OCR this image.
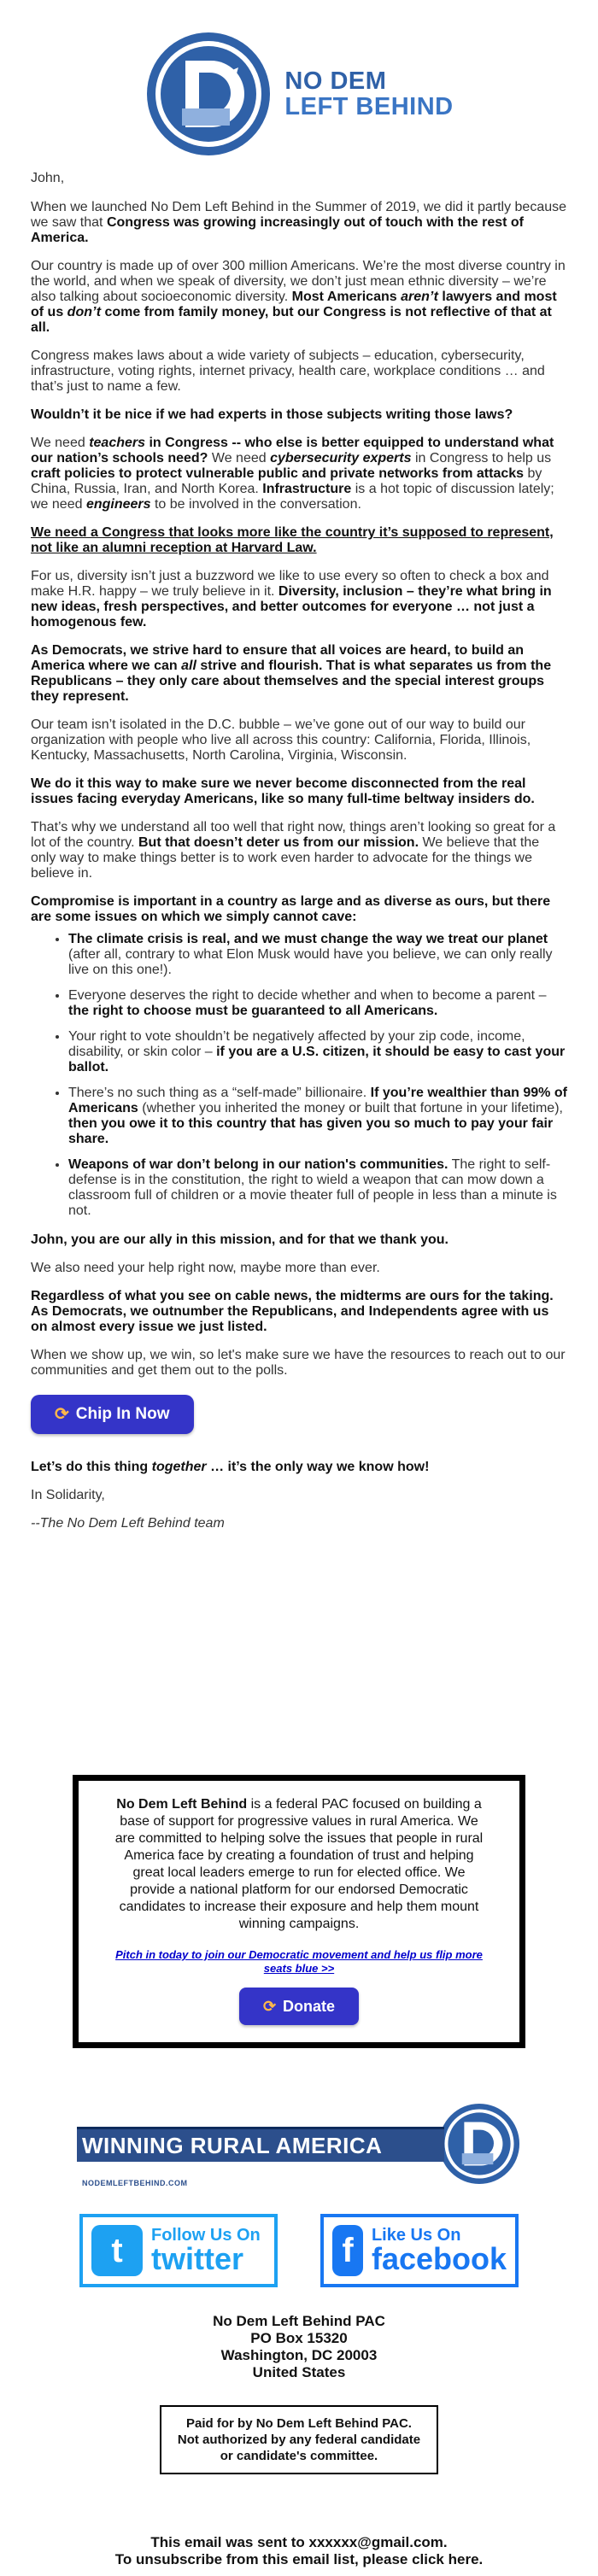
NO DEM
LEFT BEHIND

John,

When we launched No Dem Left Behind in the Summer of 2019, we did it partly because we saw that Congress was growing increasingly out of touch with the rest of America.

Our country is made up of over 300 million Americans. We’re the most diverse country in the world, and when we speak of diversity, we don’t just mean ethnic diversity – we’re also talking about socioeconomic diversity. Most Americans aren’t lawyers and most of us don’t come from family money, but our Congress is not reflective of that at all.

Congress makes laws about a wide variety of subjects – education, cybersecurity, infrastructure, voting rights, internet privacy, health care, workplace conditions … and that’s just to name a few.

Wouldn’t it be nice if we had experts in those subjects writing those laws?

We need teachers in Congress -- who else is better equipped to understand what our nation’s schools need? We need cybersecurity experts in Congress to help us craft policies to protect vulnerable public and private networks from attacks by China, Russia, Iran, and North Korea. Infrastructure is a hot topic of discussion lately; we need engineers to be involved in the conversation.

We need a Congress that looks more like the country it’s supposed to represent, not like an alumni reception at Harvard Law.

For us, diversity isn’t just a buzzword we like to use every so often to check a box and make H.R. happy – we truly believe in it. Diversity, inclusion – they’re what bring in new ideas, fresh perspectives, and better outcomes for everyone … not just a homogenous few.

As Democrats, we strive hard to ensure that all voices are heard, to build an America where we can all strive and flourish. That is what separates us from the Republicans – they only care about themselves and the special interest groups they represent.

Our team isn’t isolated in the D.C. bubble – we’ve gone out of our way to build our organization with people who live all across this country: California, Florida, Illinois, Kentucky, Massachusetts, North Carolina, Virginia, Wisconsin.

We do it this way to make sure we never become disconnected from the real issues facing everyday Americans, like so many full-time beltway insiders do.

That’s why we understand all too well that right now, things aren’t looking so great for a lot of the country. But that doesn’t deter us from our mission. We believe that the only way to make things better is to work even harder to advocate for the things we believe in.

Compromise is important in a country as large and as diverse as ours, but there are some issues on which we simply cannot cave:

• The climate crisis is real, and we must change the way we treat our planet (after all, contrary to what Elon Musk would have you believe, we can only really live on this one!).
• Everyone deserves the right to decide whether and when to become a parent – the right to choose must be guaranteed to all Americans.
• Your right to vote shouldn’t be negatively affected by your zip code, income, disability, or skin color – if you are a U.S. citizen, it should be easy to cast your ballot.
• There’s no such thing as a “self-made” billionaire. If you’re wealthier than 99% of Americans (whether you inherited the money or built that fortune in your lifetime), then you owe it to this country that has given you so much to pay your fair share.
• Weapons of war don’t belong in our nation's communities. The right to self-defense is in the constitution, the right to wield a weapon that can mow down a classroom full of children or a movie theater full of people in less than a minute is not.

John, you are our ally in this mission, and for that we thank you.

We also need your help right now, maybe more than ever.

Regardless of what you see on cable news, the midterms are ours for the taking. As Democrats, we outnumber the Republicans, and Independents agree with us on almost every issue we just listed.

When we show up, we win, so let's make sure we have the resources to reach out to our communities and get them out to the polls.

⟳ Chip In Now

Let’s do this thing together … it’s the only way we know how!

In Solidarity,

--The No Dem Left Behind team

No Dem Left Behind is a federal PAC focused on building a base of support for progressive values in rural America. We are committed to helping solve the issues that people in rural America face by creating a foundation of trust and helping great local leaders emerge to run for elected office. We provide a national platform for our endorsed Democratic candidates to increase their exposure and help them mount winning campaigns.
Pitch in today to join our Democratic movement and help us flip more seats blue >>
⟳ Donate
WINNING RURAL AMERICA
NODEMLEFTBEHIND.COM
t	Follow Us On
twitter	f	Like Us On
facebook
No Dem Left Behind PAC
PO Box 15320
Washington, DC 20003
United States
Paid for by No Dem Left Behind PAC.
Not authorized by any federal candidate
or candidate's committee.
This email was sent to xxxxxx@gmail.com.
To unsubscribe from this email list, please click here.
